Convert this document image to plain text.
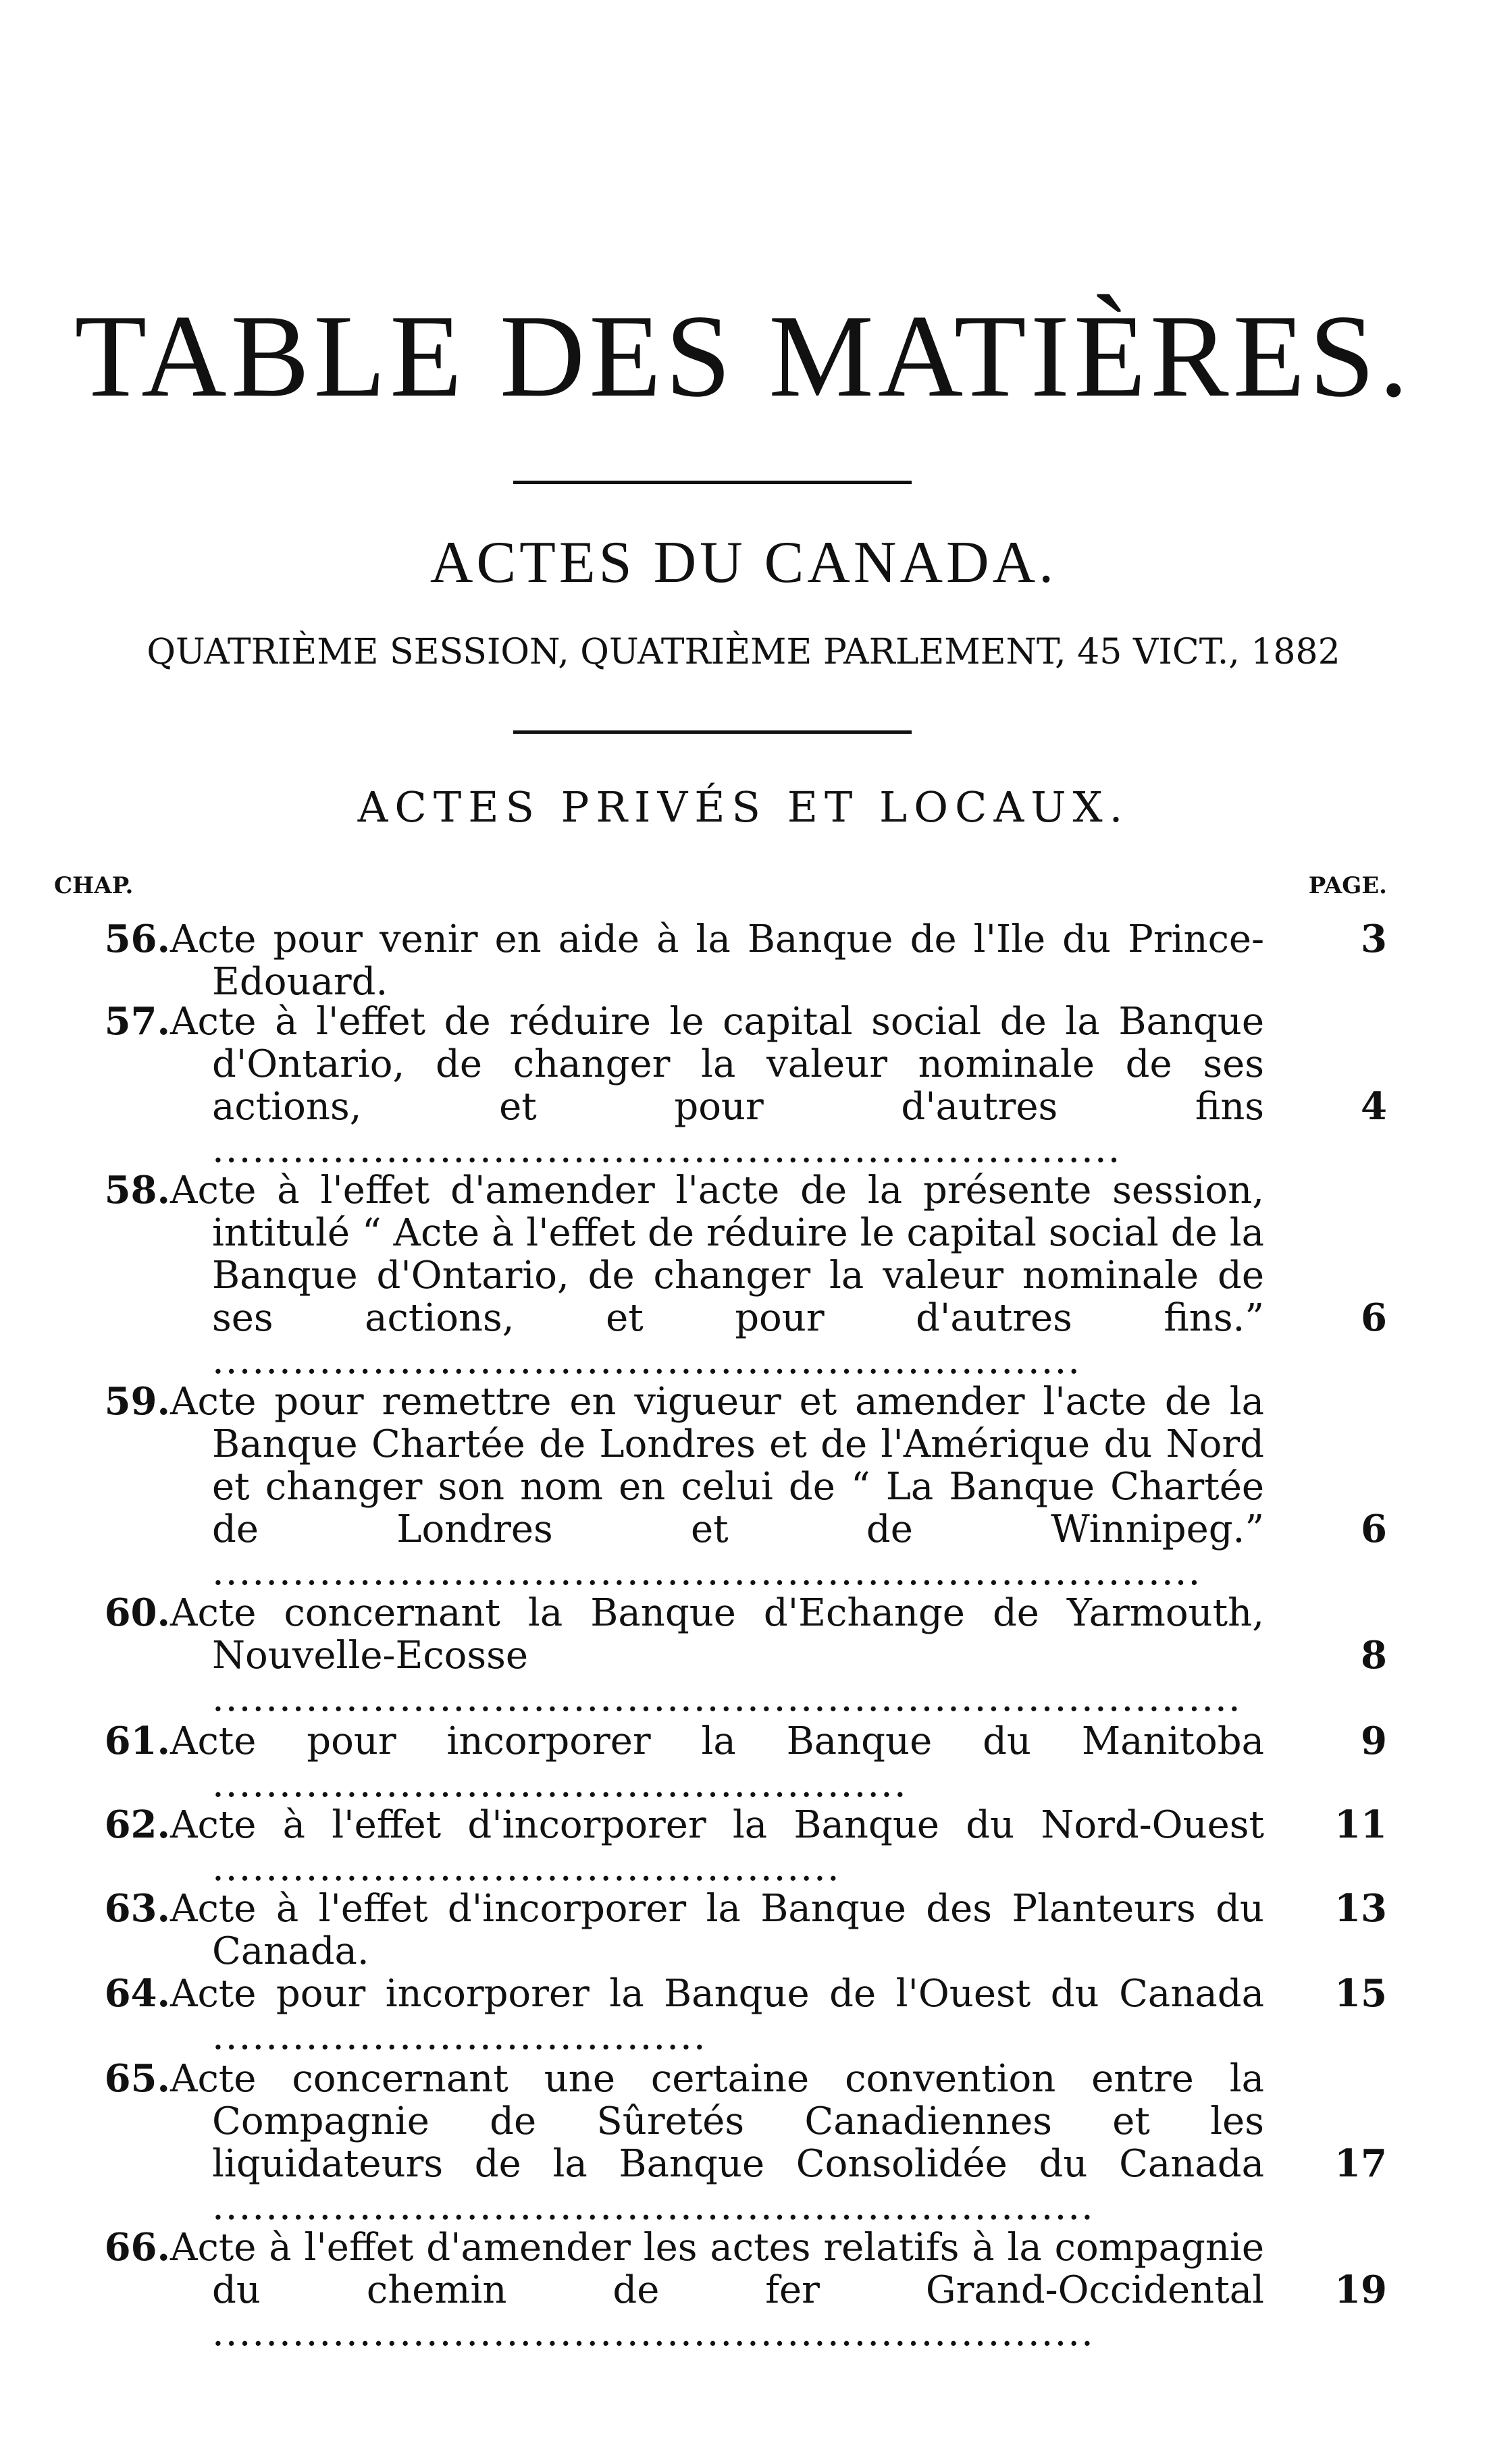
TABLE DES MATIÈRES.
ACTES DU CANADA.
QUATRIÈME SESSION, QUATRIÈME PARLEMENT, 45 VICT., 1882
ACTES PRIVÉS ET LOCAUX.
CHAP.	PAGE.
56. Acte pour venir en aide à la Banque de l'Ile du Prince-Edouard.
3
57. Acte à l'effet de réduire le capital social de la Banque d'Ontario, de changer la valeur nominale de ses actions, et pour d'autres fins ....................................................................
4
58. Acte à l'effet d'amender l'acte de la présente session, intitulé “ Acte à l'effet de réduire le capital social de la Banque d'Ontario, de changer la valeur nominale de ses actions, et pour d'autres fins.” .................................................................
6
59. Acte pour remettre en vigueur et amender l'acte de la Banque Chartée de Londres et de l'Amérique du Nord et changer son nom en celui de “ La Banque Chartée de Londres et de Winnipeg.” ..........................................................................
6
60. Acte concernant la Banque d'Echange de Yarmouth, Nouvelle-Ecosse .............................................................................
8
61. Acte pour incorporer la Banque du Manitoba ....................................................
9
62. Acte à l'effet d'incorporer la Banque du Nord-Ouest ...............................................
11
63. Acte à l'effet d'incorporer la Banque des Planteurs du Canada.
13
64. Acte pour incorporer la Banque de l'Ouest du Canada .....................................
15
65. Acte concernant une certaine convention entre la Compagnie de Sûretés Canadiennes et les liquidateurs de la Banque Consolidée du Canada ..................................................................
17
66. Acte à l'effet d'amender les actes relatifs à la compagnie du chemin de fer Grand-Occidental ..................................................................
19
